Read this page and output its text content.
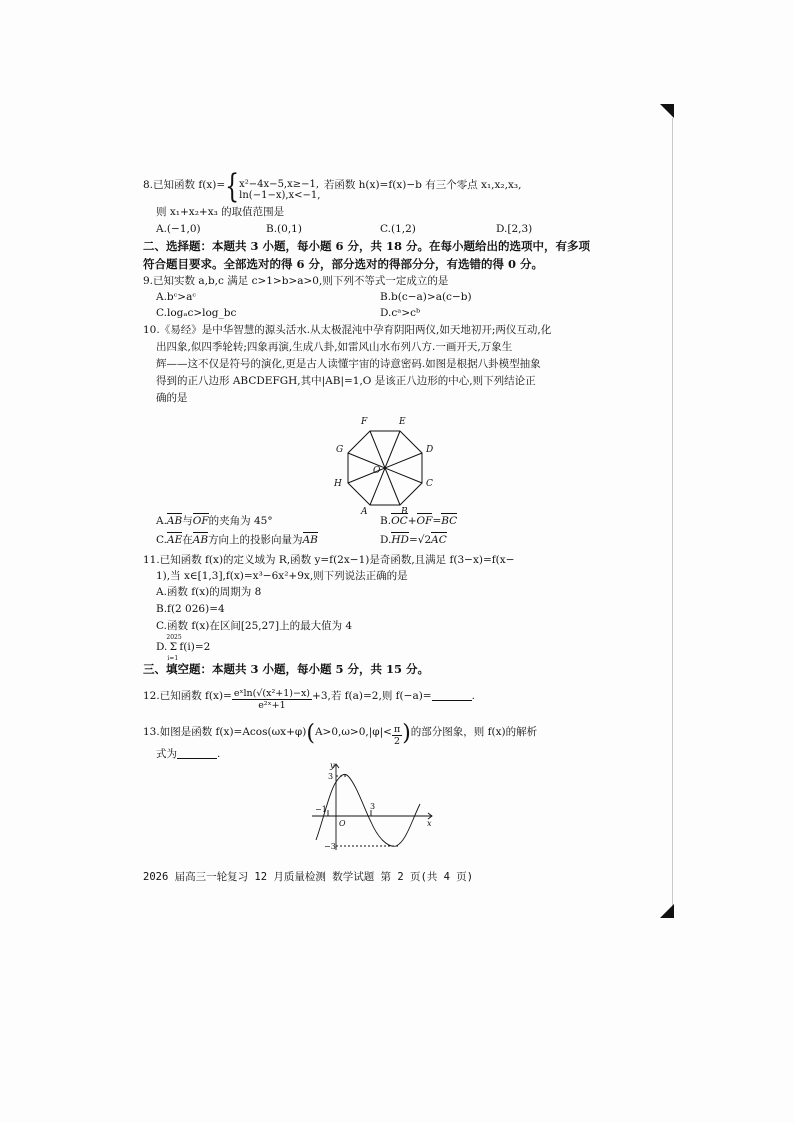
8.已知函数 f(x)={ x²−4x−5,x≥−1,
ln(−1−x),x<−1,
若函数 h(x)=f(x)−b 有三个零点 x₁,x₂,x₃,
则 x₁+x₂+x₃ 的取值范围是
A.(−1,0)	B.(0,1)	C.(1,2)	D.[2,3)
二、选择题：本题共 3 小题，每小题 6 分，共 18 分。在每小题给出的选项中，有多项
符合题目要求。全部选对的得 6 分，部分选对的得部分分，有选错的得 0 分。
9.已知实数 a,b,c 满足 c>1>b>a>0,则下列不等式一定成立的是
A.bᶜ>aᶜ	B.b(c−a)>a(c−b)
C.logₐc>log_bc	D.cᵃ>cᵇ
10.《易经》是中华智慧的源头活水.从太极混沌中孕育阴阳两仪,如天地初开;两仪互动,化
出四象,似四季轮转;四象再演,生成八卦,如雷风山水布列八方.一画开天,万象生
辉——这不仅是符号的演化,更是古人读懂宇宙的诗意密码.如图是根据八卦模型抽象
得到的正八边形 ABCDEFGH,其中|AB|=1,O 是该正八边形的中心,则下列结论正
确的是
A	B
C
D
E
F
G
H
O
A.AB与OF的夹角为 45°	B.OC+OF=BC
C.AE在AB方向上的投影向量为AB	D.HD=√2AC
11.已知函数 f(x)的定义域为 R,函数 y=f(2x−1)是奇函数,且满足 f(3−x)=f(x−
1),当 x∈[1,3],f(x)=x³−6x²+9x,则下列说法正确的是
A.函数 f(x)的周期为 8
B.f(2 026)=4
C.函数 f(x)在区间[25,27]上的最大值为 4
D.
2025
Σ
i=1
f(i)=2
三、填空题：本题共 3 小题，每小题 5 分，共 15 分。
12.已知函数 $f(x)= \frac{\text{eˣln(√(x²+1)−x)}}{\text{e²ˣ+1}} +3$,若 f(a)=2,则 f(−a)=	.
13.如图是函数 $f(x)=Acos(\omega x+\varphi)(A>0,\omega>0,|\varphi|< \frac{\pi}{2}$ )的部分图象，则 f(x)的解析
式为	.
y
x
O
3
−3
−1	3
2026 届高三一轮复习 12 月质量检测 数学试题 第 2 页(共 4 页)
